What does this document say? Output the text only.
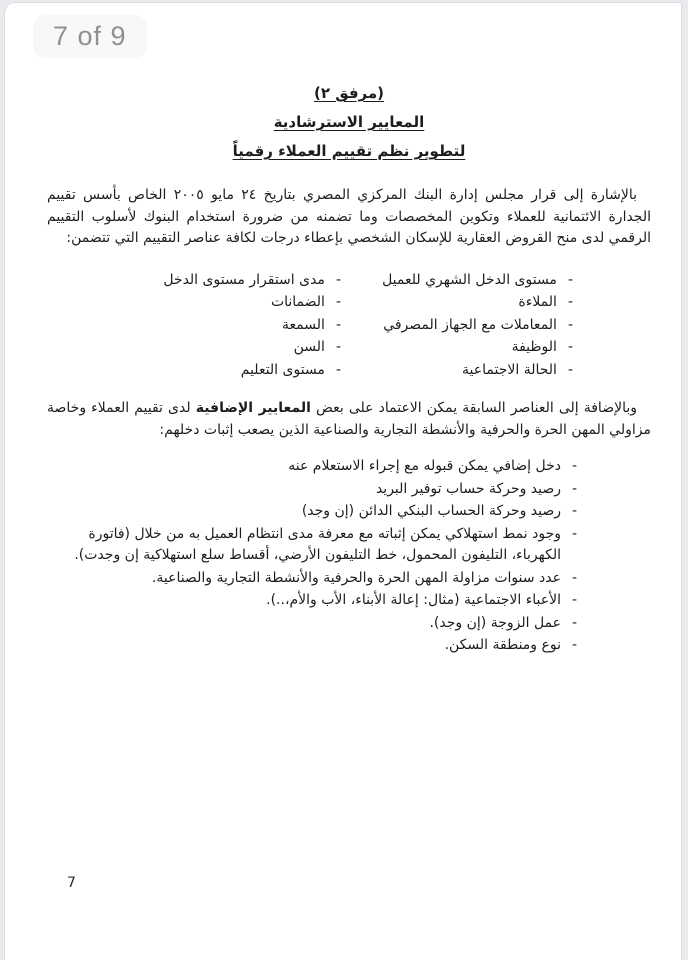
7 of 9
(مرفق ٢)
المعايير الاسترشادية
لتطوير نظم تقييم العملاء رقمياً

بالإشارة إلى قرار مجلس إدارة البنك المركزي المصري بتاريخ ٢٤ مايو ٢٠٠٥ الخاص بأسس تقييم الجدارة الائتمانية للعملاء وتكوين المخصصات وما تضمنه من ضرورة استخدام البنوك لأسلوب التقييم الرقمي لدى منح القروض العقارية للإسكان الشخصي بإعطاء درجات لكافة عناصر التقييم التي تتضمن:

-مستوى الدخل الشهري للعميل
-الملاءة
-المعاملات مع الجهاز المصرفي
-الوظيفة
-الحالة الاجتماعية
-مدى استقرار مستوى الدخل
-الضمانات
-السمعة
-السن
-مستوى التعليم

وبالإضافة إلى العناصر السابقة يمكن الاعتماد على بعض المعايير الإضافية لدى تقييم العملاء وخاصة مزاولي المهن الحرة والحرفية والأنشطة التجارية والصناعية الذين يصعب إثبات دخلهم:

-
دخل إضافي يمكن قبوله مع إجراء الاستعلام عنه
-
رصيد وحركة حساب توفير البريد
-
رصيد وحركة الحساب البنكي الدائن (إن وجد)
-
وجود نمط استهلاكي يمكن إثباته مع معرفة مدى انتظام العميل به من خلال (فاتورة الكهرباء، التليفون المحمول، خط التليفون الأرضي، أقساط سلع استهلاكية إن وجدت).
-
عدد سنوات مزاولة المهن الحرة والحرفية والأنشطة التجارية والصناعية.
-
الأعباء الاجتماعية (مثال: إعالة الأبناء، الأب والأم،..).
-
عمل الزوجة (إن وجد).
-
نوع ومنطقة السكن.
7
